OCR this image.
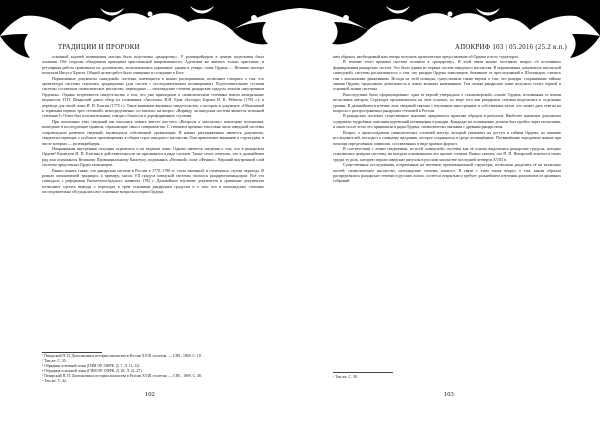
ТРАДИЦИИ И ПРОРОКИ

основной задачей возвещения масона была подготовка «рыцарству». У розенкрейцеров в центре подготовки была алхимия. Обе стороны объединяли принципы христианской направленности. Адептами же явились только христиане, и регулярная работа привлекала их духовенство, использовались церковные здания и утварь, глава Ордена — Великие мастера почитали Иисуса Христа. Общий целью работ было очищение и созидание в Боге.

Нормативные документы «шведской» системы, имеющиеся в наших распоряжении, позволяют говорить о том, что архитектура системы строилась традиционно (для систем с последовательным посвящением). Подготовительные ступени системы составляли символическое масонство, переходные — шотландские степени, рыцарские градусы лежали «внутренним Орденом». Однако встречаются свидетельства о том, что уже пришедшие к символическим степеням имели камеральные ведомости. П.П. Пекарский давал обзор из толкования «Аполлон» И.Н. Буна «Беседы» Барона И. К. Рейхеля (1781 г.); в переводе для своей ложи И. П. Елагин (1775 г.). Такое внимание вызывало свидетельство, о котором в документе «Объяснений к терминам первых трех степеней» непосредственно составлено; на вопрос «Вправду ли шведская система является истинной степенью?» Ответ был положительным, говоря о близости в дореформенных ступенях.

При поискании этих сведений мы пытались понять вместо кое-чего «Вопросы к масонству» некоторые положения, вошедшие в последующие правила, отражающие смысл совершенства. С течением времени текстовые акты шведской системы сопровождали развитие сведений, касающихся собственной организации. В наших распоряжениях имеются документы, свидетельствующие о глубоких противоречиях в общем строе шведского масонства. Они привлекают внимание к структурам, в числе которых — розенкрейцеры.

Напряженная внутренняя ситуация отразилась и на ведении ложи. Однако имеются сведения о том, что в рыцарском Ордене¹ Капитулы И. П. Елагина в действительности не признавался в ряде случаев. Также стоит отметить, что в дальнейшем ряд лож подчинялся Великому Провинциальному Капитулу, подчиняясь «Великой» ложе «Феникс». Верхний внутренний слой системы представлял Орден тамплиеров.

Важно понять также, что рыцарская система в России к 1779–1780 гг. стала значимой, и отмечались случаи перехода. В рамках описываемой традиции, к примеру, масон VII градуса шведской системы считался рыцарем-командором. Всё это совпадало с реформами Вильгельмсбадского конвента 1782 г. Дальнейшее изучение документов и сравнение документов позволяют сделать выводы о переходах к трём основным рыцарским градусам и о том, что в шотландских степенях последовательно обсуждались все основные вопросы истории Ордена.

¹ Пекарский П. П. Дополнения к истории масонства в России XVIII столетия. — СПб., 1869. С. 18.
² Там же. С. 35.
³ Обрядник основной ложи (ГИМ ОР. ОФРК. Д. 7. Л. 11–12).
⁴ Обрядник основной ложи (ГИМ ОР. ОФРК. Д. 28. Л. 22–27).
⁵ Пекарский П. П. Дополнения к истории масонства в России XVIII столетия. — СПб., 1869. С. 48.
⁶ Там же. С. 42.
102
АПОКРИФ 103 | 05.2016 (25.2 в.п.)

ким образом, необходимый нам теперь получить практическое представление об Ордене и всех структурах.

В течение этого времени система готовила к «рыцарству». В этой связи можно поставить вопрос об источниках формирования рыцарских систем. Это было одним из первых систем шведского масонства. В нормативных документах масонской «шведской» системы рассказывалось о том, что рыцари Ордена тамплиеров, бежавшие от преследований в Шотландии, слились там с масонскими движениями. Исходя из этой позиции, существовала также версия о том, что рыцари, сохранившие тайные знания Ордена, продолжали деятельность в ложах вольных каменщиков. Тем самым рыцарские ложи получили статус первой и основной линии системы.

Впоследствии было сформулировано: одна из версий утверждала о «тамплиерской» основе Ордена, изложенная от имени нескольких авторов. Структура организовалась на этих основах, по мере того как рыцарские степени выделялись в отдельные уровни. В дальнейшем изучение этих сведений связано с изучением иностранных и собственных актов, что может дать ответы на вопросы о распространении рыцарских степеней в России.

В рыцарских системах существенное значение придавалось практике обрядов и ритуалов. Наиболее значимые документы содержали подробные описания церемоний посвящения в рыцари. Кандидат на посвящение должен был пройти через испытания, и лишь после этого его принимали в ряды Ордена, символически связывая с древним рыцарством.

Вопрос о происхождении символических степеней мастер, который указывает на доступ к тайнам Ордена, по мнению исследователей, восходил к сложному преданию, которое сохранялось в среде посвящённых. Посвящённые передавали знание при помощи определённых символов, составленных в виде кратких формул.

В соответствии с этими сведениями, из всей «шведской» системы как её основа выделялись рыцарские градусы, которые становились центром системы, на котором основывались все прочие степени. Важно указать, что П. П. Пекарский отмечал в своих трудах ту роль, которую играли шведские ритуалы в русском масонстве последней четверти XVIII в.

Существенные исследования, потраченные на изучение организационной структуры, позволили разделить её на несколько частей: символическое масонство, шотландские степени, капитул. В связи с этим также вопрос о том, каким образом распределялись рыцарские степени в русских ложах, остаётся открытым и требует дальнейшего изучения документов из архивных собраний.

¹ Там же. С. 38.
103
